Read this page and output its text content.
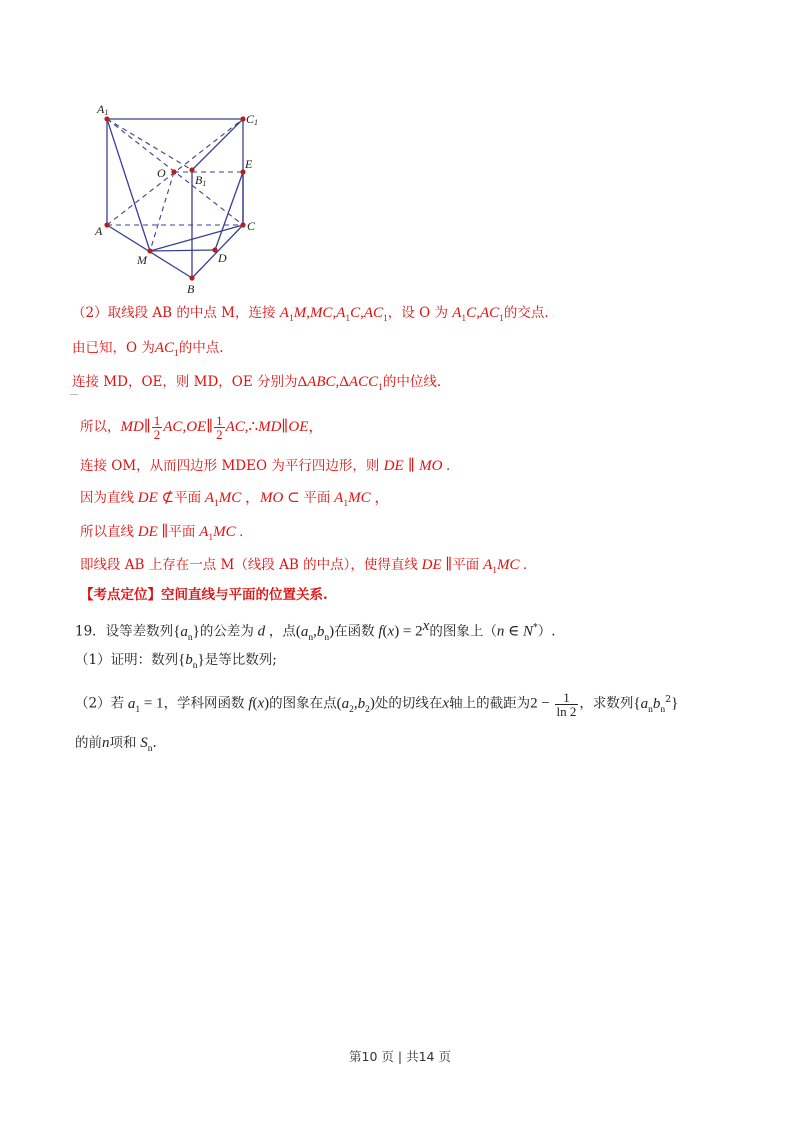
A1	C1
O B1
E
A	C
M	D
B
（2）取线段 AB 的中点 M，连接 $A_1M,MC,A_1C,AC_1$，设 O 为 $A_1C,AC_1$的交点.
由已知，O 为$AC_1$的中点.
连接 MD，OE，则 MD，OE 分别为$\Delta ABC,\Delta ACC_1$的中位线.
所以，MD∥ $\frac{1}{2}$ AC,OE∥ $\frac{1}{2}$ AC,∴MD∥OE，
连接 OM，从而四边形 MDEO 为平行四边形，则 DE ∥ MO .
因为直线 DE ⊄平面 $A_1MC$ ，MO ⊂ 平面 $A_1MC$ ，
所以直线 DE ∥平面 $A_1MC$ .
即线段 AB 上存在一点 M（线段 AB 的中点），使得直线 DE ∥平面 $A_1MC$ .
【考点定位】空间直线与平面的位置关系.
19．设等差数列$\{a_n\}$的公差为 d ，点$(a_n,b_n)$在函数 $f(x) = 2^x$的图象上（n ∈ N*）.
（1）证明：数列$\{b_n\}$是等比数列;
（2）若 $a_1 = 1$，学科网函数 f(x)的图象在点$(a_2,b_2)$处的切线在x轴上的截距为$2 - \frac{1}{\ln 2}$ ，求数列$\{a_nb_n^2\}$
的前n项和 $S_n$.
第10 页 | 共14 页
